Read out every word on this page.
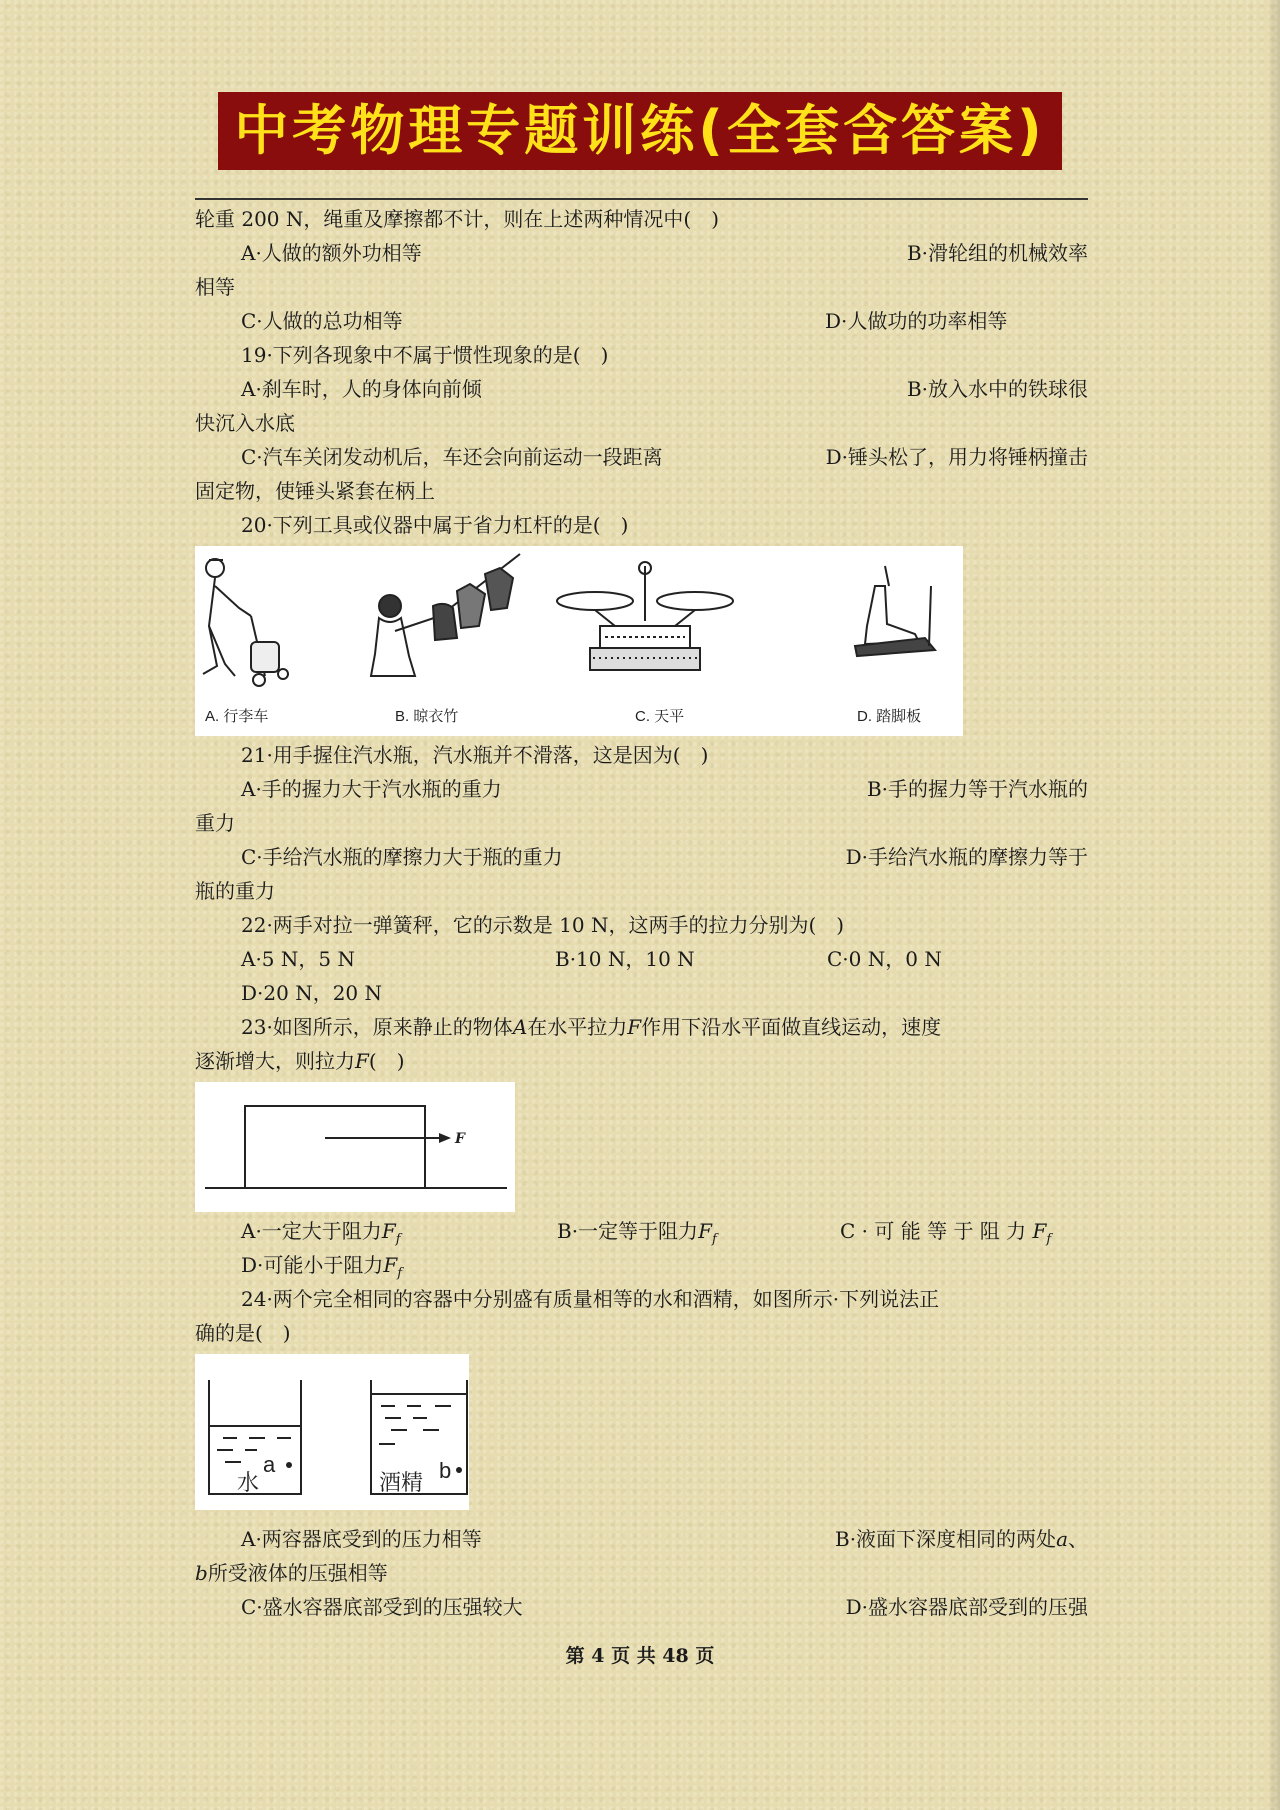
中考物理专题训练(全套含答案)
轮重 200 N，绳重及摩擦都不计，则在上述两种情况中(　)
A·人做的额外功相等	B·滑轮组的机械效率
相等
C·人做的总功相等	D·人做功的功率相等
19·下列各现象中不属于惯性现象的是(　)
A·刹车时，人的身体向前倾	B·放入水中的铁球很
快沉入水底
C·汽车关闭发动机后，车还会向前运动一段距离	D·锤头松了，用力将锤柄撞击
固定物，使锤头紧套在柄上
20·下列工具或仪器中属于省力杠杆的是(　)
A. 行李车	B. 晾衣竹	C. 天平	D. 踏脚板
21·用手握住汽水瓶，汽水瓶并不滑落，这是因为(　)
A·手的握力大于汽水瓶的重力	B·手的握力等于汽水瓶的
重力
C·手给汽水瓶的摩擦力大于瓶的重力	D·手给汽水瓶的摩擦力等于
瓶的重力
22·两手对拉一弹簧秤，它的示数是 10 N，这两手的拉力分别为(　)
A·5 N，5 N	B·10 N，10 N	C·0 N，0 N
D·20 N，20 N
23·如图所示，原来静止的物体A在水平拉力F作用下沿水平面做直线运动，速度
逐渐增大，则拉力F(　)
F
A·一定大于阻力$F_f$	B·一定等于阻力$F_f$	C · 可 能 等 于 阻 力 $F_f$
D·可能小于阻力$F_f$
24·两个完全相同的容器中分别盛有质量相等的水和酒精，如图所示·下列说法正
确的是(　)
水
a
酒精 b
A·两容器底受到的压力相等	B·液面下深度相同的两处a、
b所受液体的压强相等
C·盛水容器底部受到的压强较大	D·盛水容器底部受到的压强
第 4 页 共 48 页
